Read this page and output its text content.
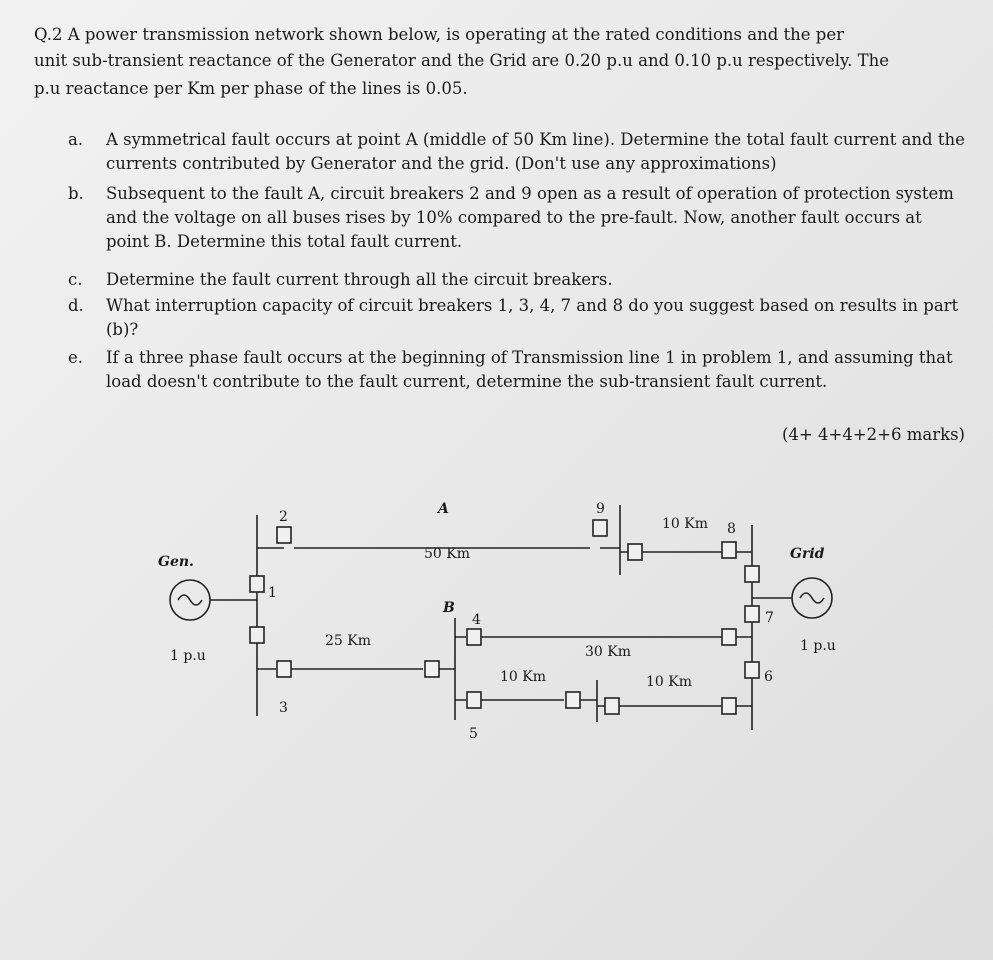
Q.2 A power transmission network shown below, is operating at the rated conditions and the per
unit sub-transient reactance of the Generator and the Grid are 0.20 p.u and 0.10 p.u respectively. The
p.u reactance per Km per phase of the lines is 0.05.
a.	A symmetrical fault occurs at point A (middle of 50 Km line). Determine the total fault current and the currents contributed by Generator and the grid. (Don't use any approximations)
b.	Subsequent to the fault A, circuit breakers 2 and 9 open as a result of operation of protection system and the voltage on all buses rises by 10% compared to the pre-fault. Now, another fault occurs at point B. Determine this total fault current.
c.	Determine the fault current through all the circuit breakers.
d.	What interruption capacity of circuit breakers 1, 3, 4, 7 and 8 do you suggest based on results in part (b)?
e.	If a three phase fault occurs at the beginning of Transmission line 1 in problem 1, and assuming that load doesn't contribute to the fault current, determine the sub-transient fault current.
(4+ 4+4+2+6 marks)
Gen.
1 p.u
Grid
1 p.u
A
B
50 Km
25 Km
30 Km
10 Km
10 Km	10 Km
1
2
3
4
5
6
7
8
9
